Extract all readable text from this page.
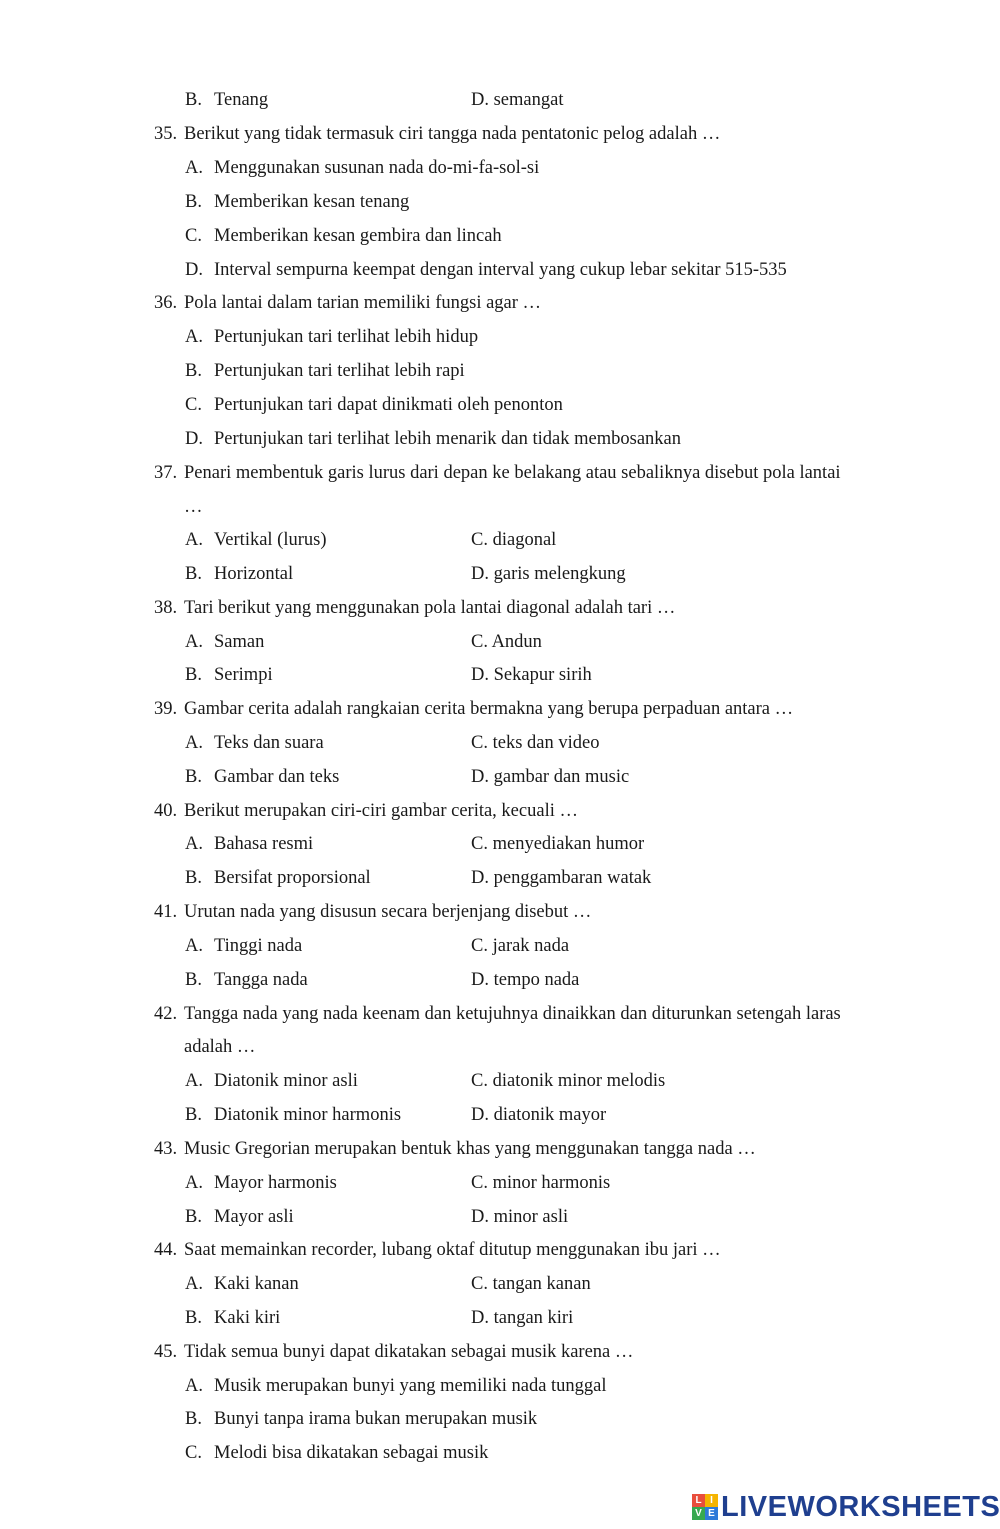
B. Tenang	D. semangat
35. Berikut yang tidak termasuk ciri tangga nada pentatonic pelog adalah …
A. Menggunakan susunan nada do-mi-fa-sol-si
B. Memberikan kesan tenang
C. Memberikan kesan gembira dan lincah
D. Interval sempurna keempat dengan interval yang cukup lebar sekitar 515-535
36. Pola lantai dalam tarian memiliki fungsi agar …
A. Pertunjukan tari terlihat lebih hidup
B. Pertunjukan tari terlihat lebih rapi
C. Pertunjukan tari dapat dinikmati oleh penonton
D. Pertunjukan tari terlihat lebih menarik dan tidak membosankan
37. Penari membentuk garis lurus dari depan ke belakang atau sebaliknya disebut pola lantai
…
A. Vertikal (lurus)	C. diagonal
B. Horizontal	D. garis melengkung
38. Tari berikut yang menggunakan pola lantai diagonal adalah tari …
A. Saman	C. Andun
B. Serimpi	D. Sekapur sirih
39. Gambar cerita adalah rangkaian cerita bermakna yang berupa perpaduan antara …
A. Teks dan suara	C. teks dan video
B. Gambar dan teks	D. gambar dan music
40. Berikut merupakan ciri-ciri gambar cerita, kecuali …
A. Bahasa resmi	C. menyediakan humor
B. Bersifat proporsional	D. penggambaran watak
41. Urutan nada yang disusun secara berjenjang disebut …
A. Tinggi nada	C. jarak nada
B. Tangga nada	D. tempo nada
42. Tangga nada yang nada keenam dan ketujuhnya dinaikkan dan diturunkan setengah laras
adalah …
A. Diatonik minor asli	C. diatonik minor melodis
B. Diatonik minor harmonis	D. diatonik mayor
43. Music Gregorian merupakan bentuk khas yang menggunakan tangga nada …
A. Mayor harmonis	C. minor harmonis
B. Mayor asli	D. minor asli
44. Saat memainkan recorder, lubang oktaf ditutup menggunakan ibu jari …
A. Kaki kanan	C. tangan kanan
B. Kaki kiri	D. tangan kiri
45. Tidak semua bunyi dapat dikatakan sebagai musik karena …
A. Musik merupakan bunyi yang memiliki nada tunggal
B. Bunyi tanpa irama bukan merupakan musik
C. Melodi bisa dikatakan sebagai musik
L I
V E LIVEWORKSHEETS
